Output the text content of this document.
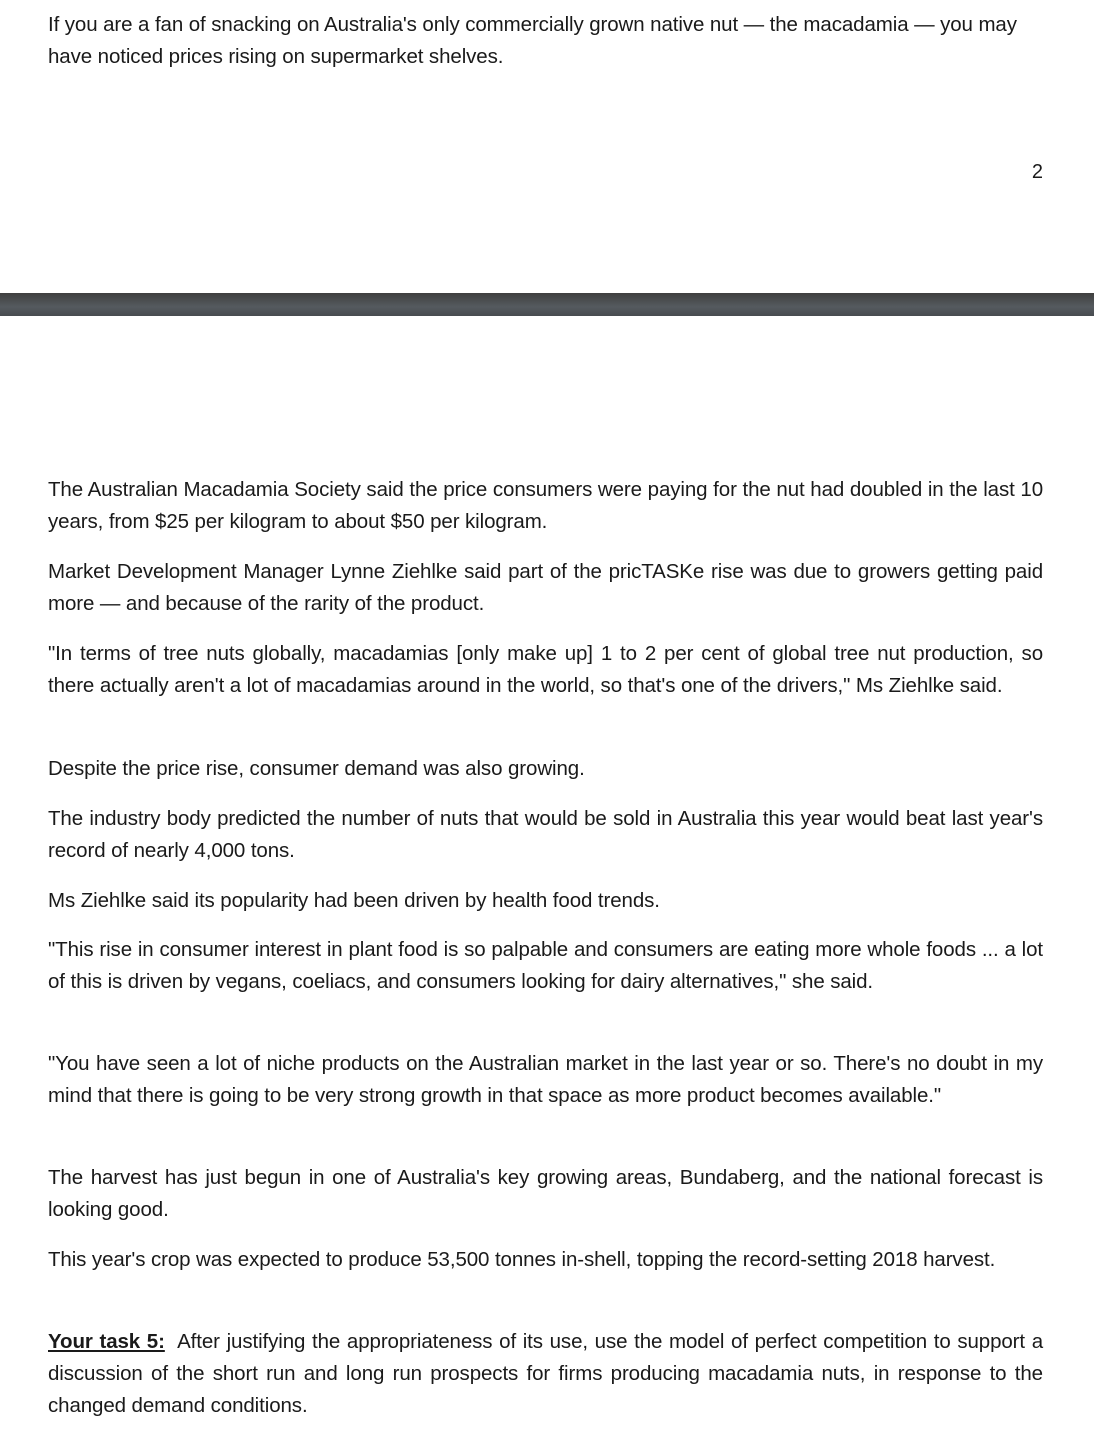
If you are a fan of snacking on Australia's only commercially grown native nut — the macadamia — you may have noticed prices rising on supermarket shelves.

2

The Australian Macadamia Society said the price consumers were paying for the nut had doubled in the last 10 years, from $25 per kilogram to about $50 per kilogram.

Market Development Manager Lynne Ziehlke said part of the pricTASKe rise was due to growers getting paid more — and because of the rarity of the product.

"In terms of tree nuts globally, macadamias [only make up] 1 to 2 per cent of global tree nut production, so there actually aren't a lot of macadamias around in the world, so that's one of the drivers," Ms Ziehlke said.

Despite the price rise, consumer demand was also growing.

The industry body predicted the number of nuts that would be sold in Australia this year would beat last year's record of nearly 4,000 tons.

Ms Ziehlke said its popularity had been driven by health food trends.

"This rise in consumer interest in plant food is so palpable and consumers are eating more whole foods ... a lot of this is driven by vegans, coeliacs, and consumers looking for dairy alternatives," she said.

"You have seen a lot of niche products on the Australian market in the last year or so. There's no doubt in my mind that there is going to be very strong growth in that space as more product becomes available."

The harvest has just begun in one of Australia's key growing areas, Bundaberg, and the national forecast is looking good.

This year's crop was expected to produce 53,500 tonnes in-shell, topping the record-setting 2018 harvest.

Your task 5: After justifying the appropriateness of its use, use the model of perfect competition to support a discussion of the short run and long run prospects for firms producing macadamia nuts, in response to the changed demand conditions.
